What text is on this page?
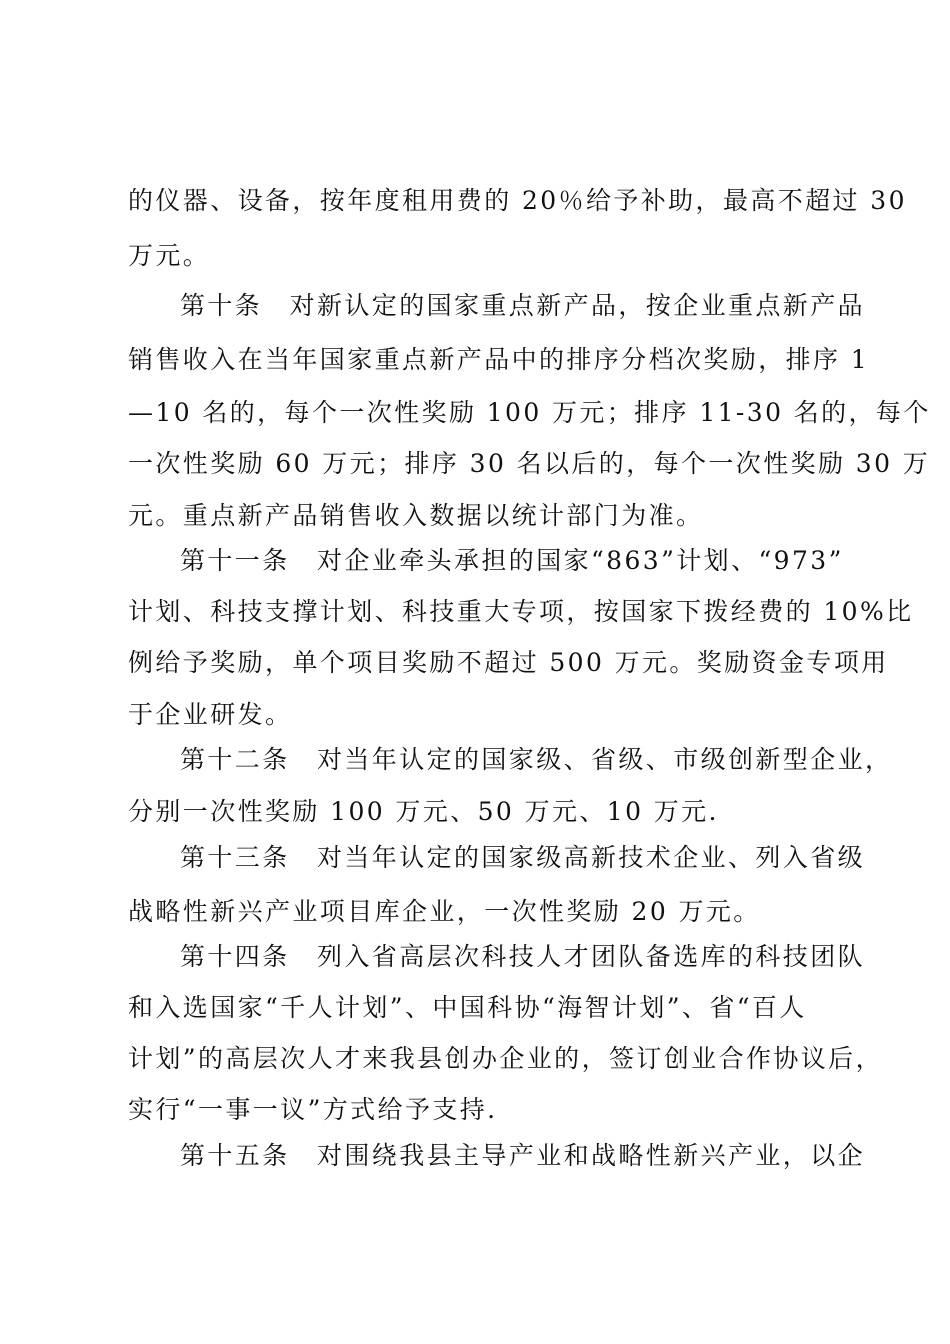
的仪器、设备，按年度租用费的 20％给予补助，最高不超过 30
万元。
第十条　对新认定的国家重点新产品，按企业重点新产品
销售收入在当年国家重点新产品中的排序分档次奖励，排序 1
—10 名的，每个一次性奖励 100 万元；排序 11-30 名的，每个
一次性奖励 60 万元；排序 30 名以后的，每个一次性奖励 30 万
元。重点新产品销售收入数据以统计部门为准。
第十一条　对企业牵头承担的国家“863”计划、“973”
计划、科技支撑计划、科技重大专项，按国家下拨经费的 10%比
例给予奖励，单个项目奖励不超过 500 万元。奖励资金专项用
于企业研发。
第十二条　对当年认定的国家级、省级、市级创新型企业，
分别一次性奖励 100 万元、50 万元、10 万元.
第十三条　对当年认定的国家级高新技术企业、列入省级
战略性新兴产业项目库企业，一次性奖励 20 万元。
第十四条　列入省高层次科技人才团队备选库的科技团队
和入选国家“千人计划”、中国科协“海智计划”、省“百人
计划”的高层次人才来我县创办企业的，签订创业合作协议后，
实行“一事一议”方式给予支持.
第十五条　对围绕我县主导产业和战略性新兴产业，以企
